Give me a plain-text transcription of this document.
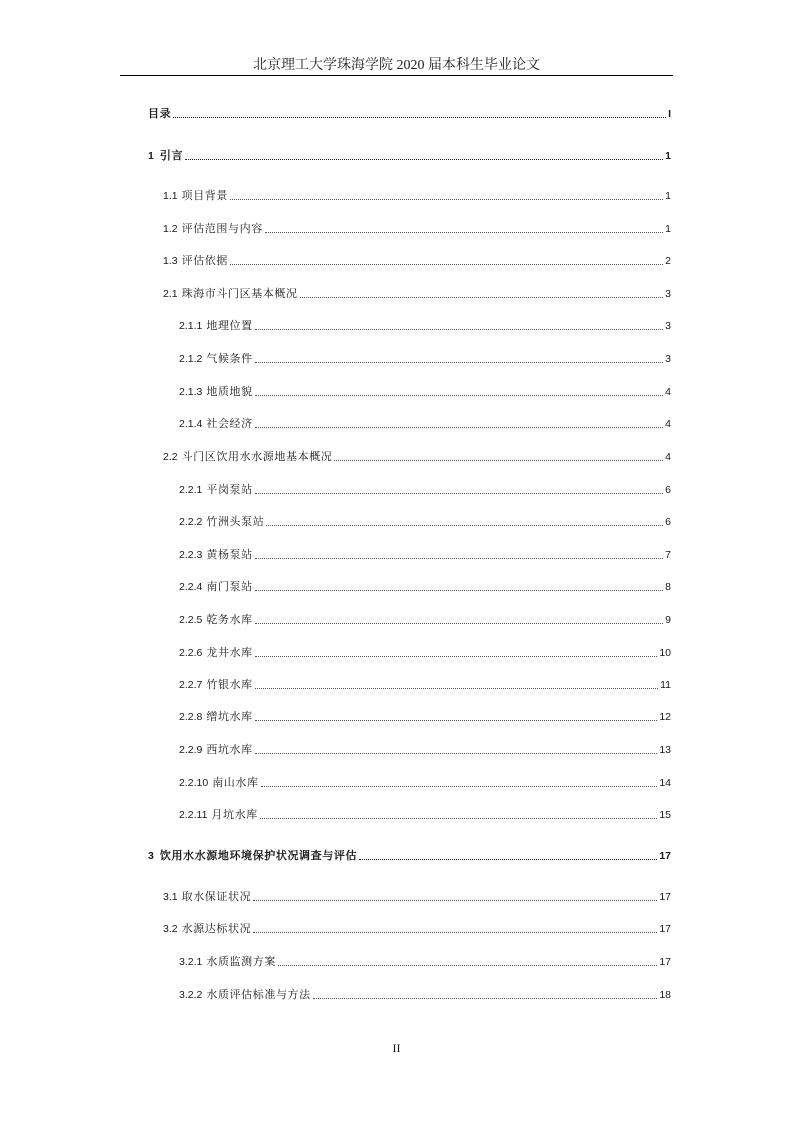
北京理工大学珠海学院 2020 届本科生毕业论文
目录	I
1 引言	1
1.1 项目背景	1
1.2 评估范围与内容	1
1.3 评估依据	2
2.1 珠海市斗门区基本概况	3
2.1.1 地理位置	3
2.1.2 气候条件	3
2.1.3 地质地貌	4
2.1.4 社会经济	4
2.2 斗门区饮用水水源地基本概况	4
2.2.1 平岗泵站	6
2.2.2 竹洲头泵站	6
2.2.3 黄杨泵站	7
2.2.4 南门泵站	8
2.2.5 乾务水库	9
2.2.6 龙井水库	10
2.2.7 竹银水库	11
2.2.8 缯坑水库	12
2.2.9 西坑水库	13
2.2.10 南山水库	14
2.2.11 月坑水库	15
3 饮用水水源地环境保护状况调查与评估	17
3.1 取水保证状况	17
3.2 水源达标状况	17
3.2.1 水质监测方案	17
3.2.2 水质评估标准与方法	18
II
